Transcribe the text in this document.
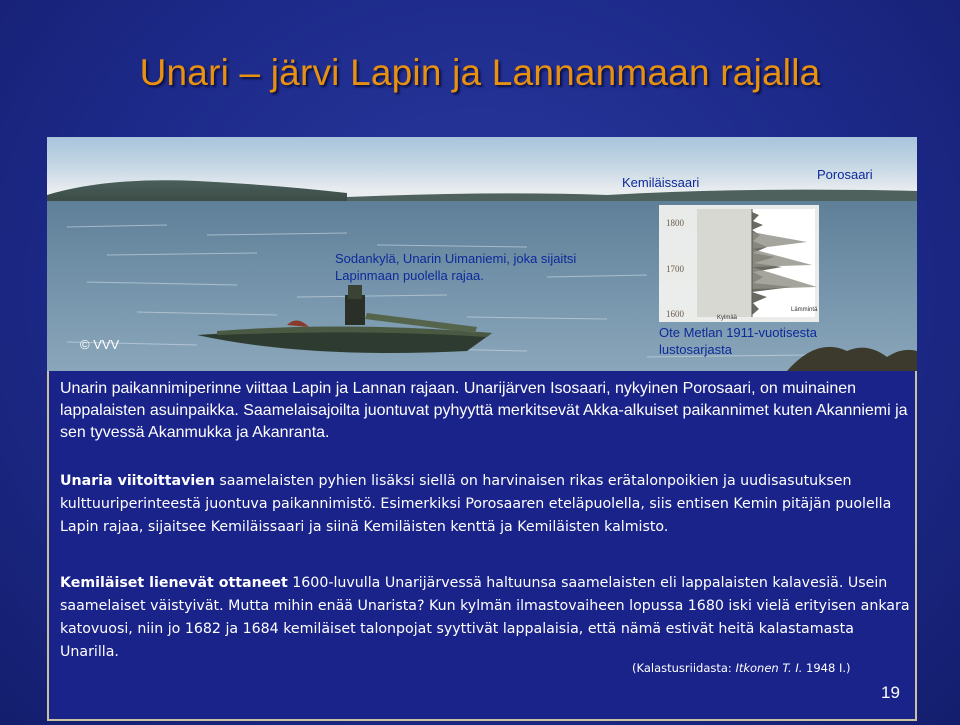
Unari – järvi Lapin ja Lannanmaan rajalla
1800
1700
1600	Kylmää
Lämmintä
Kemiläissaari
Porosaari
Sodankylä, Unarin Uimaniemi, joka sijaitsi Lapinmaan puolella rajaa.
© VVV
Ote Metlan 1911-vuotisesta lustosarjasta
Unarin paikannimiperinne viittaa Lapin ja Lannan rajaan. Unarijärven Isosaari, nykyinen Porosaari, on muinainen lappalaisten asuinpaikka. Saamelaisajoilta juontuvat pyhyyttä merkitsevät Akka-alkuiset paikannimet kuten Akanniemi ja sen tyvessä Akanmukka ja Akanranta.
Unaria viitoittavien saamelaisten pyhien lisäksi siellä on harvinaisen rikas erätalonpoikien ja uudisasutuksen kulttuuriperinteestä juontuva paikannimistö. Esimerkiksi Porosaaren eteläpuolella, siis entisen Kemin pitäjän puolella Lapin rajaa, sijaitsee Kemiläissaari ja siinä Kemiläisten kenttä ja Kemiläisten kalmisto.
Kemiläiset lienevät ottaneet 1600-luvulla Unarijärvessä haltuunsa saamelaisten eli lappalaisten kalavesiä. Usein saamelaiset väistyivät. Mutta mihin enää Unarista? Kun kylmän ilmastovaiheen lopussa 1680 iski vielä erityisen ankara katovuosi, niin jo 1682 ja 1684 kemiläiset talonpojat syyttivät lappalaisia, että nämä estivät heitä kalastamasta Unarilla.
(Kalastusriidasta: Itkonen T. I. 1948 I.)
19
